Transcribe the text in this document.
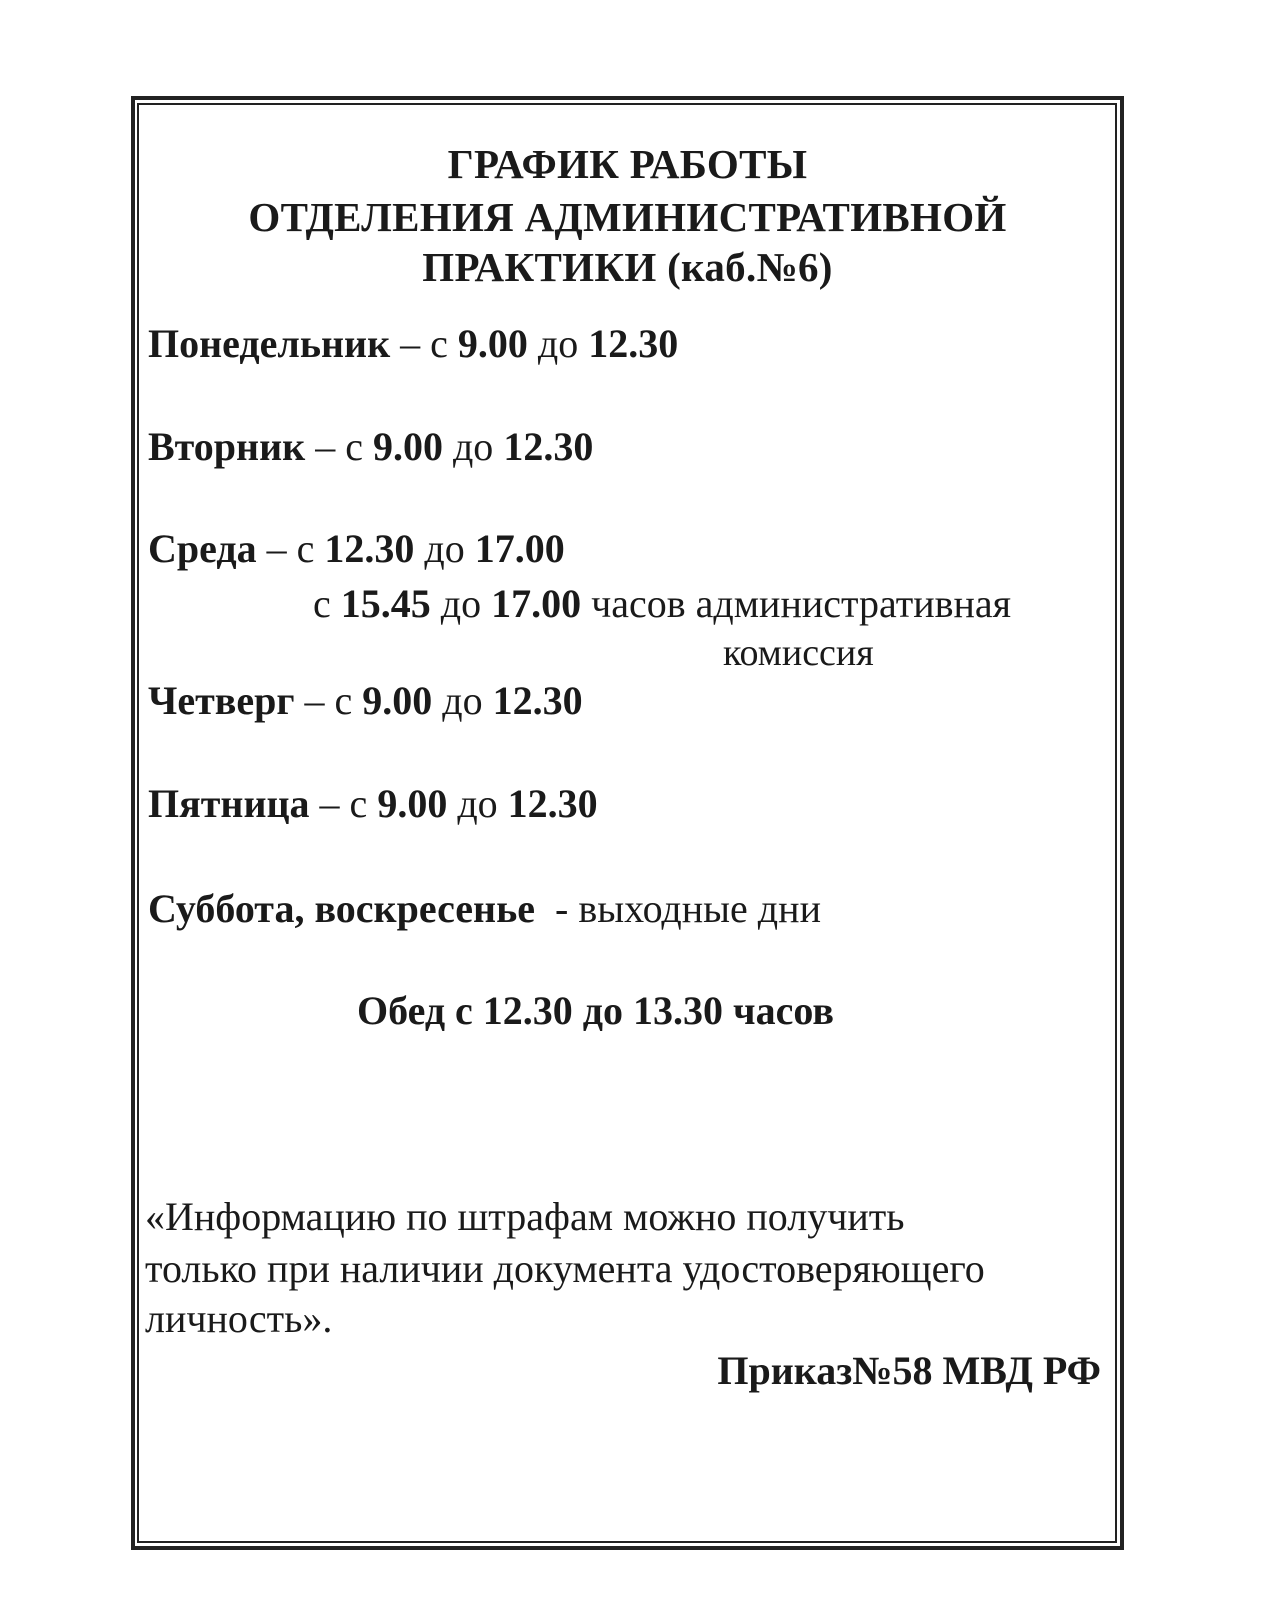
ГРАФИК РАБОТЫ
ОТДЕЛЕНИЯ АДМИНИСТРАТИВНОЙ
ПРАКТИКИ (каб.№6)
Понедельник – с 9.00 до 12.30
Вторник – с 9.00 до 12.30
Среда – с 12.30 до 17.00
с 15.45 до 17.00 часов административная
комиссия
Четверг – с 9.00 до 12.30
Пятница – с 9.00 до 12.30
Суббота, воскресенье  - выходные дни
Обед с 12.30 до 13.30 часов
«Информацию по штрафам можно получить
только при наличии документа удостоверяющего
личность».
Приказ№58 МВД РФ
